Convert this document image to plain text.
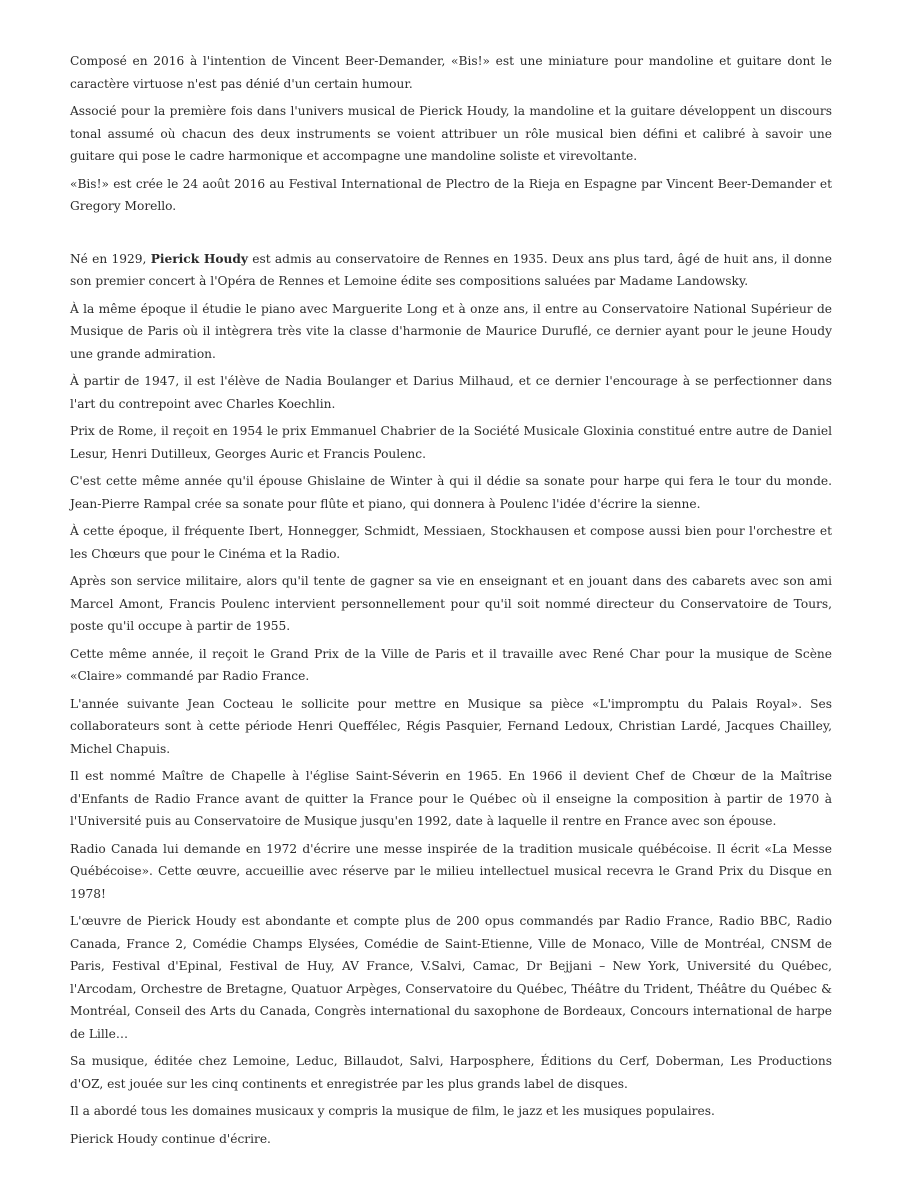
Composé en 2016 à l'intention de Vincent Beer-Demander, «Bis!» est une miniature pour mandoline et guitare dont le caractère virtuose n'est pas dénié d'un certain humour.

Associé pour la première fois dans l'univers musical de Pierick Houdy, la mandoline et la guitare développent un discours tonal assumé où chacun des deux instruments se voient attribuer un rôle musical bien défini et calibré à savoir une guitare qui pose le cadre harmonique et accompagne une mandoline soliste et virevoltante.

«Bis!» est crée le 24 août 2016 au Festival International de Plectro de la Rieja en Espagne par Vincent Beer-Demander et Gregory Morello.

Né en 1929, Pierick Houdy est admis au conservatoire de Rennes en 1935. Deux ans plus tard, âgé de huit ans, il donne son premier concert à l'Opéra de Rennes et Lemoine édite ses compositions saluées par Madame Landowsky.

À la même époque il étudie le piano avec Marguerite Long et à onze ans, il entre au Conservatoire National Supérieur de Musique de Paris où il intègrera très vite la classe d'harmonie de Maurice Duruflé, ce dernier ayant pour le jeune Houdy une grande admiration.

À partir de 1947, il est l'élève de Nadia Boulanger et Darius Milhaud, et ce dernier l'encourage à se perfectionner dans l'art du contrepoint avec Charles Koechlin.

Prix de Rome, il reçoit en 1954 le prix Emmanuel Chabrier de la Société Musicale Gloxinia constitué entre autre de Daniel Lesur, Henri Dutilleux, Georges Auric et Francis Poulenc.

C'est cette même année qu'il épouse Ghislaine de Winter à qui il dédie sa sonate pour harpe qui fera le tour du monde. Jean-Pierre Rampal crée sa sonate pour flûte et piano, qui donnera à Poulenc l'idée d'écrire la sienne.

À cette époque, il fréquente Ibert, Honnegger, Schmidt, Messiaen, Stockhausen et compose aussi bien pour l'orchestre et les Chœurs que pour le Cinéma et la Radio.

Après son service militaire, alors qu'il tente de gagner sa vie en enseignant et en jouant dans des cabarets avec son ami Marcel Amont, Francis Poulenc intervient personnellement pour qu'il soit nommé directeur du Conservatoire de Tours, poste qu'il occupe à partir de 1955.

Cette même année, il reçoit le Grand Prix de la Ville de Paris et il travaille avec René Char pour la musique de Scène «Claire» commandé par Radio France.

L'année suivante Jean Cocteau le sollicite pour mettre en Musique sa pièce «L'impromptu du Palais Royal». Ses collaborateurs sont à cette période Henri Queffélec, Régis Pasquier, Fernand Ledoux, Christian Lardé, Jacques Chailley, Michel Chapuis.

Il est nommé Maître de Chapelle à l'église Saint-Séverin en 1965. En 1966 il devient Chef de Chœur de la Maîtrise d'Enfants de Radio France avant de quitter la France pour le Québec où il enseigne la composition à partir de 1970 à l'Université puis au Conservatoire de Musique jusqu'en 1992, date à laquelle il rentre en France avec son épouse.

Radio Canada lui demande en 1972 d'écrire une messe inspirée de la tradition musicale québécoise. Il écrit «La Messe Québécoise». Cette œuvre, accueillie avec réserve par le milieu intellectuel musical recevra le Grand Prix du Disque en 1978!

L'œuvre de Pierick Houdy est abondante et compte plus de 200 opus commandés par Radio France, Radio BBC, Radio Canada, France 2, Comédie Champs Elysées, Comédie de Saint-Etienne, Ville de Monaco, Ville de Montréal, CNSM de Paris, Festival d'Epinal, Festival de Huy, AV France, V.Salvi, Camac, Dr Bejjani – New York, Université du Québec, l'Arcodam, Orchestre de Bretagne, Quatuor Arpèges, Conservatoire du Québec, Théâtre du Trident, Théâtre du Québec & Montréal, Conseil des Arts du Canada, Congrès international du saxophone de Bordeaux, Concours international de harpe de Lille…

Sa musique, éditée chez Lemoine, Leduc, Billaudot, Salvi, Harposphere, Éditions du Cerf, Doberman, Les Productions d'OZ, est jouée sur les cinq continents et enregistrée par les plus grands label de disques.

Il a abordé tous les domaines musicaux y compris la musique de film, le jazz et les musiques populaires.

Pierick Houdy continue d'écrire.
